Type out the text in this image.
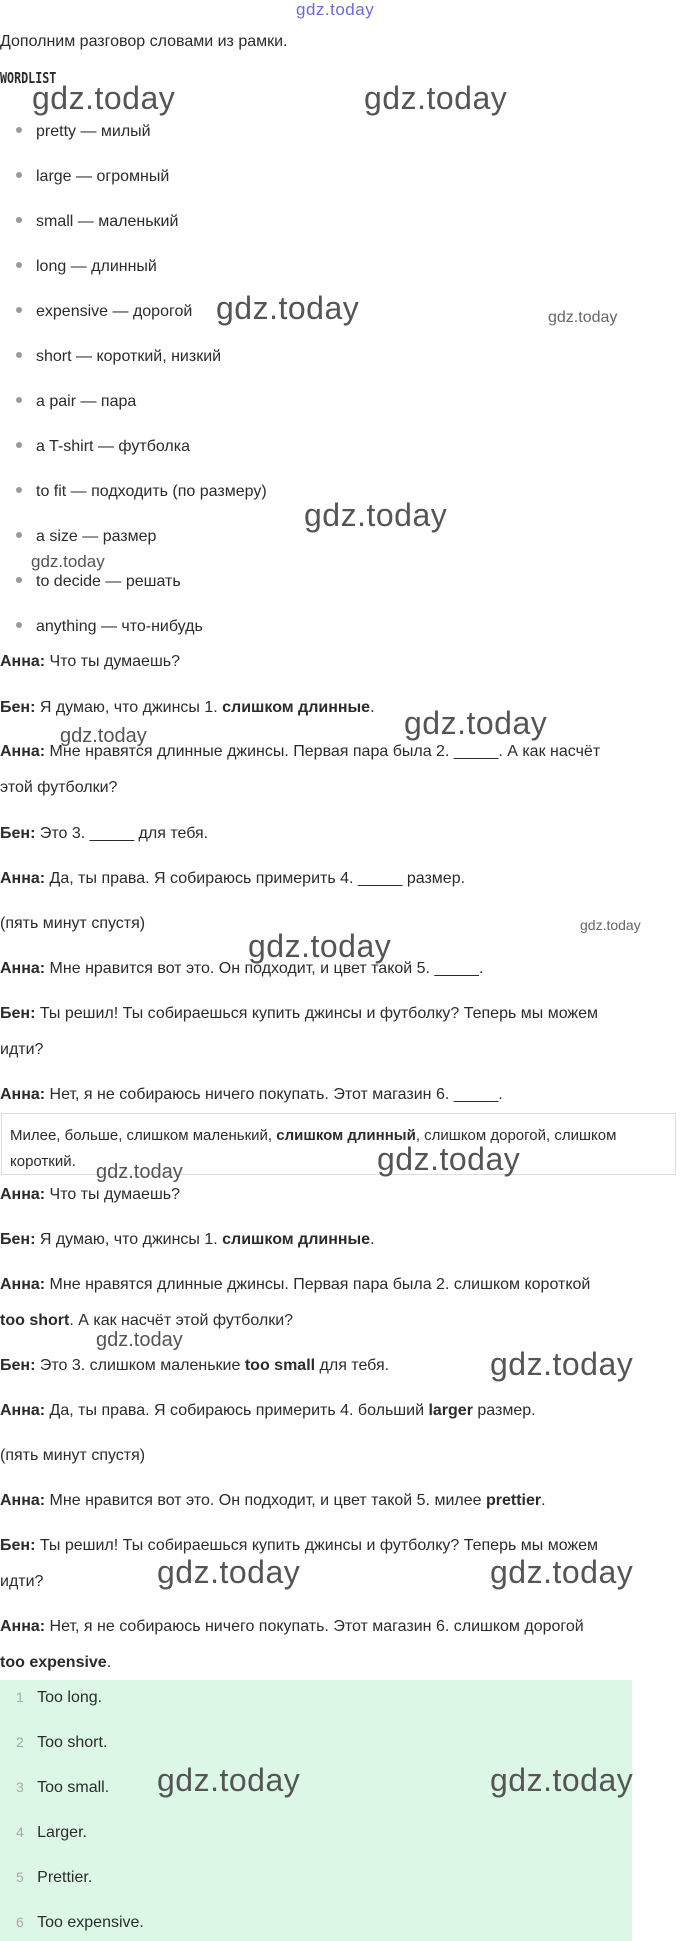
gdz.today
Дополним разговор словами из рамки.
WORDLIST
pretty — милый
large — огромный
small — маленький
long — длинный
expensive — дорогой
short — короткий, низкий
a pair — пара
a T-shirt — футболка
to fit — подходить (по размеру)
a size — размер
to decide — решать
anything — что-нибудь
Анна: Что ты думаешь?
Бен: Я думаю, что джинсы 1. слишком длинные.
Анна: Мне нравятся длинные джинсы. Первая пара была 2. _____. А как насчёт
этой футболки?
Бен: Это 3. _____ для тебя.
Анна: Да, ты права. Я собираюсь примерить 4. _____ размер.
(пять минут спустя)
Анна: Мне нравится вот это. Он подходит, и цвет такой 5. _____.
Бен: Ты решил! Ты собираешься купить джинсы и футболку? Теперь мы можем
идти?
Анна: Нет, я не собираюсь ничего покупать. Этот магазин 6. _____.
Милее, больше, слишком маленький, слишком длинный, слишком дорогой, слишком короткий.
Анна: Что ты думаешь?
Бен: Я думаю, что джинсы 1. слишком длинные.
Анна: Мне нравятся длинные джинсы. Первая пара была 2. слишком короткой
too short. А как насчёт этой футболки?
Бен: Это 3. слишком маленькие too small для тебя.
Анна: Да, ты права. Я собираюсь примерить 4. больший larger размер.
(пять минут спустя)
Анна: Мне нравится вот это. Он подходит, и цвет такой 5. милее prettier.
Бен: Ты решил! Ты собираешься купить джинсы и футболку? Теперь мы можем
идти?
Анна: Нет, я не собираюсь ничего покупать. Этот магазин 6. слишком дорогой
too expensive.
1 Too long.
2 Too short.
3 Too small.
4 Larger.
5 Prettier.
6 Too expensive.
gdz.today	gdz.today
gdz.today	gdz.today
gdz.today
gdz.today
gdz.today
gdz.today
gdz.today
gdz.today
gdz.today
gdz.today
gdz.today
gdz.today
gdz.today	gdz.today
gdz.today	gdz.today
